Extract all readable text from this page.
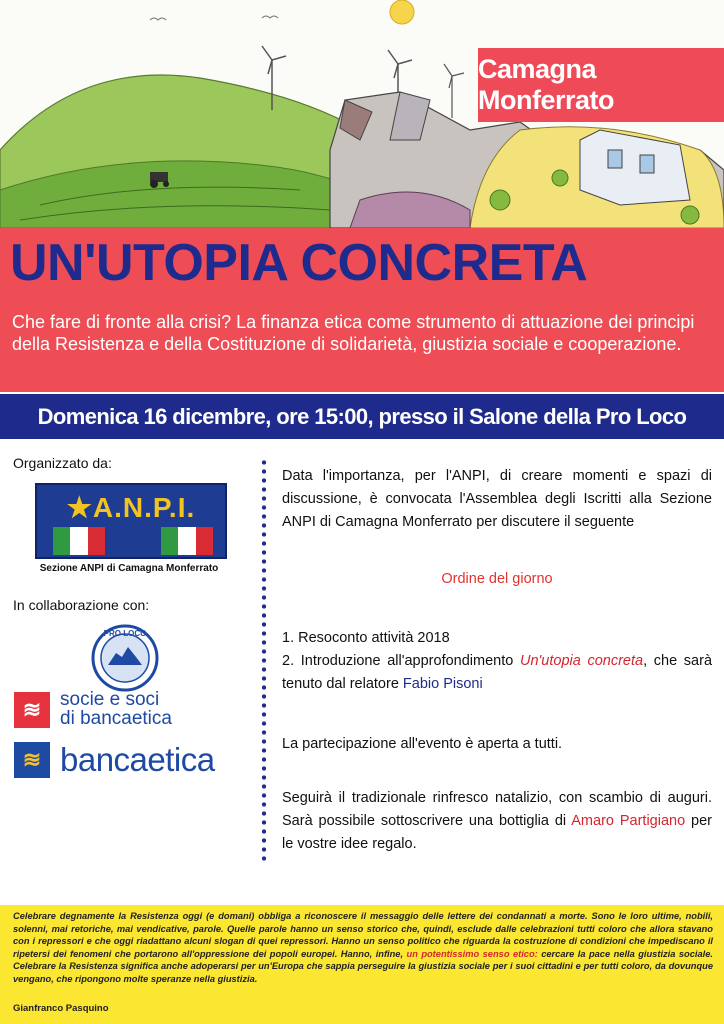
Camagna Monferrato
UN'UTOPIA CONCRETA

Che fare di fronte alla crisi? La finanza etica come strumento di attuazione dei principi della Resistenza e della Costituzione di solidarietà, giustizia sociale e cooperazione.

Domenica 16 dicembre, ore 15:00, presso il Salone della Pro Loco
Organizzato da:
★A.N.P.I.
Sezione ANPI di Camagna Monferrato
In collaborazione con:
PRO LOCO
≋ socie e soci
di bancaetica
≋ bancaetica

Data l'importanza, per l'ANPI, di creare momenti e spazi di discussione, è convocata l'Assemblea degli Iscritti alla Sezione ANPI di Camagna Monferrato per discutere il seguente

Ordine del giorno

1. Resoconto attività 2018

2. Introduzione all'approfondimento Un'utopia concreta, che sarà tenuto dal relatore Fabio Pisoni

La partecipazione all'evento è aperta a tutti.

Seguirà il tradizionale rinfresco natalizio, con scambio di auguri. Sarà possibile sottoscrivere una bottiglia di Amaro Partigiano per le vostre idee regalo.

Celebrare degnamente la Resistenza oggi (e domani) obbliga a riconoscere il messaggio delle lettere dei condannati a morte. Sono le loro ultime, nobili, solenni, mai retoriche, mai vendicative, parole. Quelle parole hanno un senso storico che, quindi, esclude dalle celebrazioni tutti coloro che allora stavano con i repressori e che oggi riadattano alcuni slogan di quei repressori. Hanno un senso politico che riguarda la costruzione di condizioni che impediscano il ripetersi dei fenomeni che portarono all'oppressione dei popoli europei. Hanno, infine, un potentissimo senso etico: cercare la pace nella giustizia sociale. Celebrare la Resistenza significa anche adoperarsi per un'Europa che sappia perseguire la giustizia sociale per i suoi cittadini e per tutti coloro, da dovunque vengano, che ripongono molte speranze nella giustizia.

Gianfranco Pasquino
